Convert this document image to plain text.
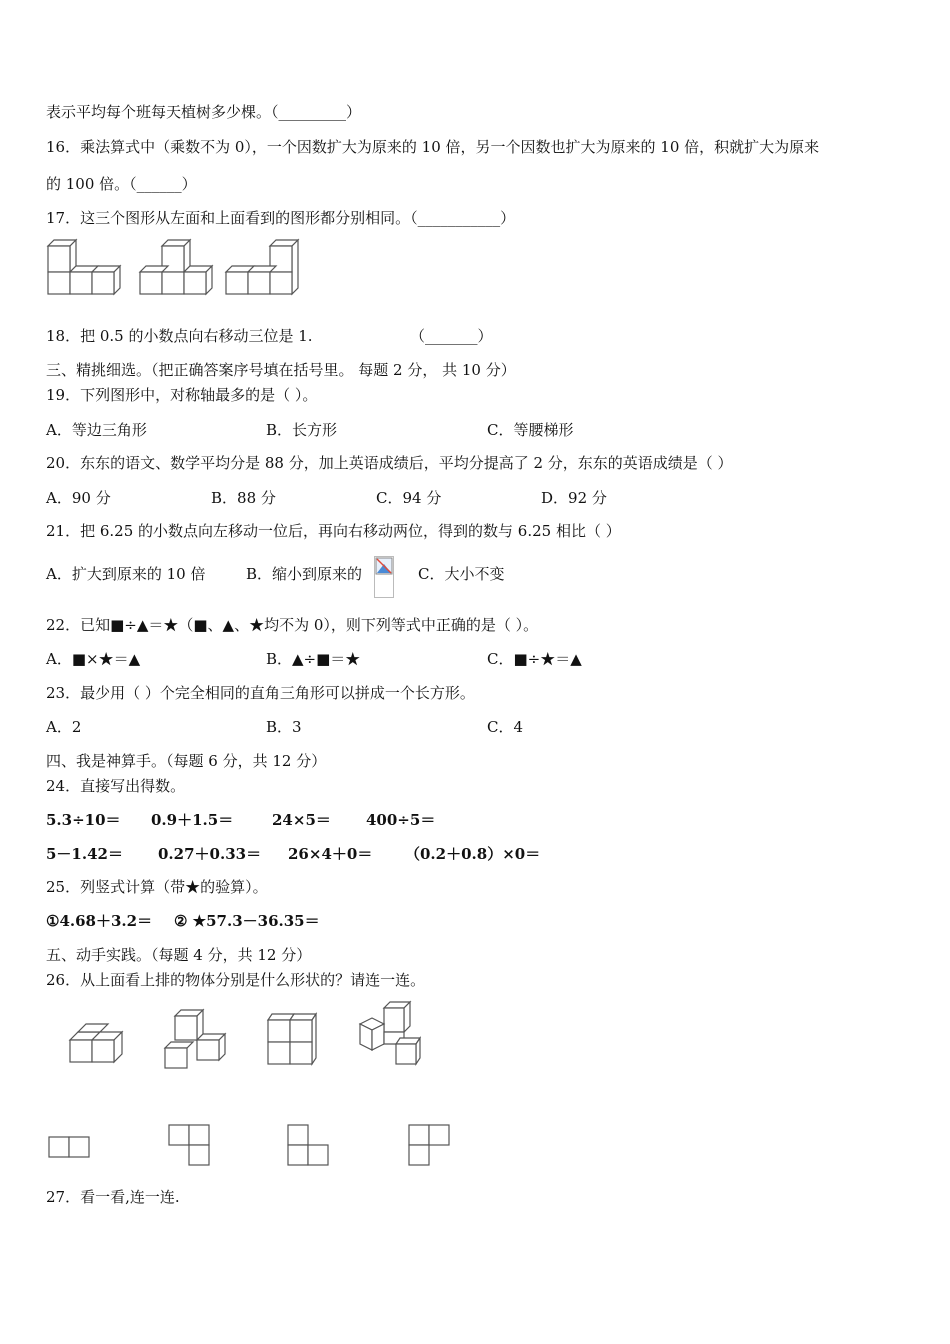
表示平均每个班每天植树多少棵。（_________）
16．乘法算式中（乘数不为 0），一个因数扩大为原来的 10 倍，另一个因数也扩大为原来的 10 倍，积就扩大为原来
的 100 倍。（______）
17．这三个图形从左面和上面看到的图形都分别相同。（___________）
18．把 0.5 的小数点向右移动三位是 1.	（_______）
三、精挑细选。（把正确答案序号填在括号里。 每题 2 分， 共 10 分）
19．下列图形中，对称轴最多的是（ ）。
A．等边三角形	B．长方形	C．等腰梯形
20．东东的语文、数学平均分是 88 分，加上英语成绩后，平均分提高了 2 分，东东的英语成绩是（ ）
A．90 分	B．88 分	C．94 分	D．92 分
21．把 6.25 的小数点向左移动一位后，再向右移动两位，得到的数与 6.25 相比（ ）
A．扩大到原来的 10 倍	B．缩小到原来的	C．大小不变
22．已知■÷▲＝★（■、▲、★均不为 0），则下列等式中正确的是（ ）。
A．■×★＝▲	B．▲÷■＝★	C．■÷★＝▲
23．最少用（ ）个完全相同的直角三角形可以拼成一个长方形。
A．2	B．3	C．4
四、我是神算手。（每题 6 分，共 12 分）
24．直接写出得数。
5.3÷10＝ 0.9＋1.5＝	24×5＝ 400÷5＝
5－1.42＝ 0.27＋0.33＝ 26×4＋0＝ （0.2＋0.8）×0＝
25．列竖式计算（带★的验算）。
①4.68＋3.2＝ ② ★57.3－36.35＝
五、动手实践。（每题 4 分，共 12 分）
26．从上面看上排的物体分别是什么形状的？请连一连。
27．看一看,连一连.
